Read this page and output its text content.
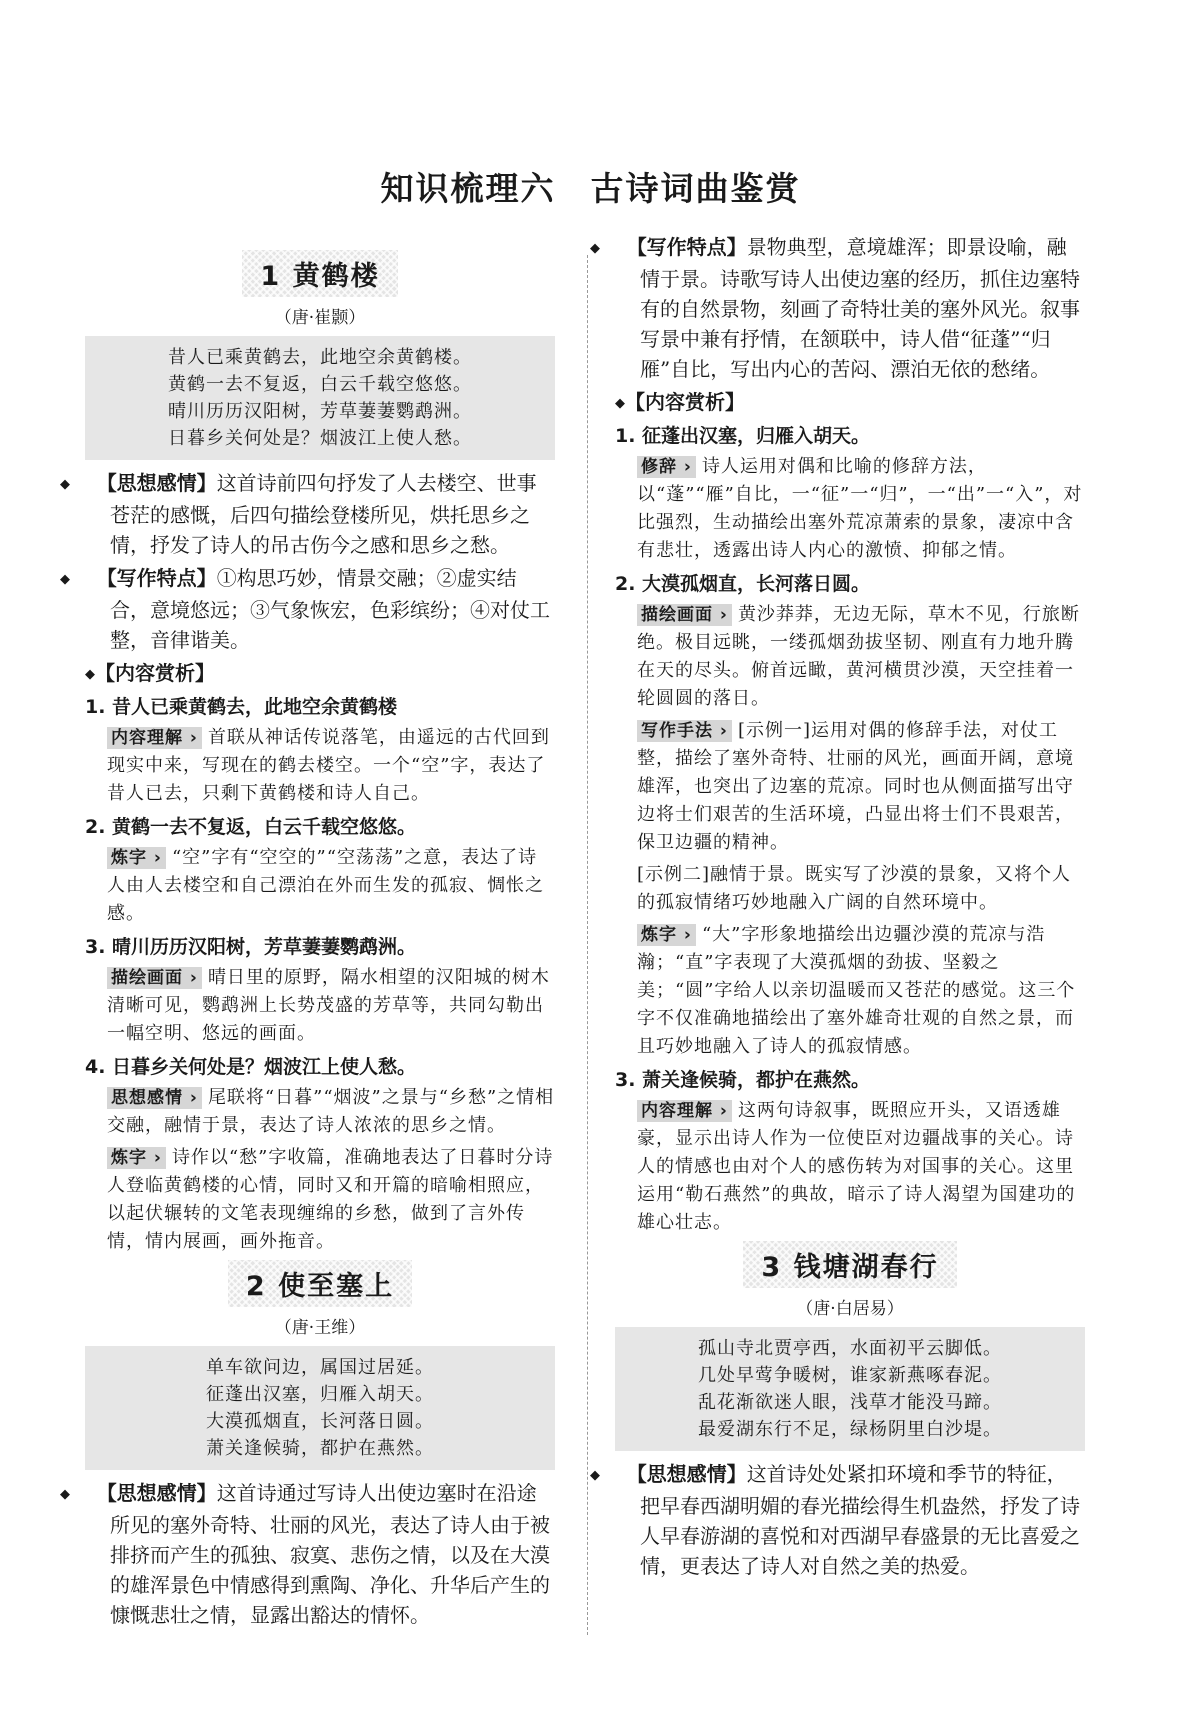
知识梳理六　古诗词曲鉴赏
1 黄鹤楼
（唐·崔颢）
昔人已乘黄鹤去，此地空余黄鹤楼。
黄鹤一去不复返，白云千载空悠悠。
晴川历历汉阳树，芳草萋萋鹦鹉洲。
日暮乡关何处是？烟波江上使人愁。
◆ 【思想感情】这首诗前四句抒发了人去楼空、世事苍茫的感慨，后四句描绘登楼所见，烘托思乡之情，抒发了诗人的吊古伤今之感和思乡之愁。
◆ 【写作特点】①构思巧妙，情景交融；②虚实结合，意境悠远；③气象恢宏，色彩缤纷；④对仗工整，音律谐美。
◆【内容赏析】
1. 昔人已乘黄鹤去，此地空余黄鹤楼
内容理解 › 首联从神话传说落笔，由遥远的古代回到现实中来，写现在的鹤去楼空。一个“空”字，表达了昔人已去，只剩下黄鹤楼和诗人自己。
2. 黄鹤一去不复返，白云千载空悠悠。
炼字 › “空”字有“空空的”“空荡荡”之意，表达了诗人由人去楼空和自己漂泊在外而生发的孤寂、惆怅之感。
3. 晴川历历汉阳树，芳草萋萋鹦鹉洲。
描绘画面 › 晴日里的原野，隔水相望的汉阳城的树木清晰可见，鹦鹉洲上长势茂盛的芳草等，共同勾勒出一幅空明、悠远的画面。
4. 日暮乡关何处是？烟波江上使人愁。
思想感情 › 尾联将“日暮”“烟波”之景与“乡愁”之情相交融，融情于景，表达了诗人浓浓的思乡之情。
炼字 › 诗作以“愁”字收篇，准确地表达了日暮时分诗人登临黄鹤楼的心情，同时又和开篇的暗喻相照应，以起伏辗转的文笔表现缠绵的乡愁，做到了言外传情，情内展画，画外拖音。
2 使至塞上
（唐·王维）
单车欲问边，属国过居延。
征蓬出汉塞，归雁入胡天。
大漠孤烟直，长河落日圆。
萧关逢候骑，都护在燕然。
◆ 【思想感情】这首诗通过写诗人出使边塞时在沿途所见的塞外奇特、壮丽的风光，表达了诗人由于被排挤而产生的孤独、寂寞、悲伤之情，以及在大漠的雄浑景色中情感得到熏陶、净化、升华后产生的慷慨悲壮之情，显露出豁达的情怀。
◆ 【写作特点】景物典型，意境雄浑；即景设喻，融情于景。诗歌写诗人出使边塞的经历，抓住边塞特有的自然景物，刻画了奇特壮美的塞外风光。叙事写景中兼有抒情，在颔联中，诗人借“征蓬”“归雁”自比，写出内心的苦闷、漂泊无依的愁绪。
◆【内容赏析】
1. 征蓬出汉塞，归雁入胡天。
修辞 › 诗人运用对偶和比喻的修辞方法，以“蓬”“雁”自比，一“征”一“归”，一“出”一“入”，对比强烈，生动描绘出塞外荒凉萧索的景象，凄凉中含有悲壮，透露出诗人内心的激愤、抑郁之情。
2. 大漠孤烟直，长河落日圆。
描绘画面 › 黄沙莽莽，无边无际，草木不见，行旅断绝。极目远眺，一缕孤烟劲拔坚韧、刚直有力地升腾在天的尽头。俯首远瞰，黄河横贯沙漠，天空挂着一轮圆圆的落日。
写作手法 › [示例一]运用对偶的修辞手法，对仗工整，描绘了塞外奇特、壮丽的风光，画面开阔，意境雄浑，也突出了边塞的荒凉。同时也从侧面描写出守边将士们艰苦的生活环境，凸显出将士们不畏艰苦，保卫边疆的精神。
[示例二]融情于景。既实写了沙漠的景象，又将个人的孤寂情绪巧妙地融入广阔的自然环境中。
炼字 › “大”字形象地描绘出边疆沙漠的荒凉与浩瀚；“直”字表现了大漠孤烟的劲拔、坚毅之美；“圆”字给人以亲切温暖而又苍茫的感觉。这三个字不仅准确地描绘出了塞外雄奇壮观的自然之景，而且巧妙地融入了诗人的孤寂情感。
3. 萧关逢候骑，都护在燕然。
内容理解 › 这两句诗叙事，既照应开头，又语透雄豪，显示出诗人作为一位使臣对边疆战事的关心。诗人的情感也由对个人的感伤转为对国事的关心。这里运用“勒石燕然”的典故，暗示了诗人渴望为国建功的雄心壮志。
3 钱塘湖春行
（唐·白居易）
孤山寺北贾亭西，水面初平云脚低。
几处早莺争暖树，谁家新燕啄春泥。
乱花渐欲迷人眼，浅草才能没马蹄。
最爱湖东行不足，绿杨阴里白沙堤。
◆ 【思想感情】这首诗处处紧扣环境和季节的特征，把早春西湖明媚的春光描绘得生机盎然，抒发了诗人早春游湖的喜悦和对西湖早春盛景的无比喜爱之情，更表达了诗人对自然之美的热爱。
